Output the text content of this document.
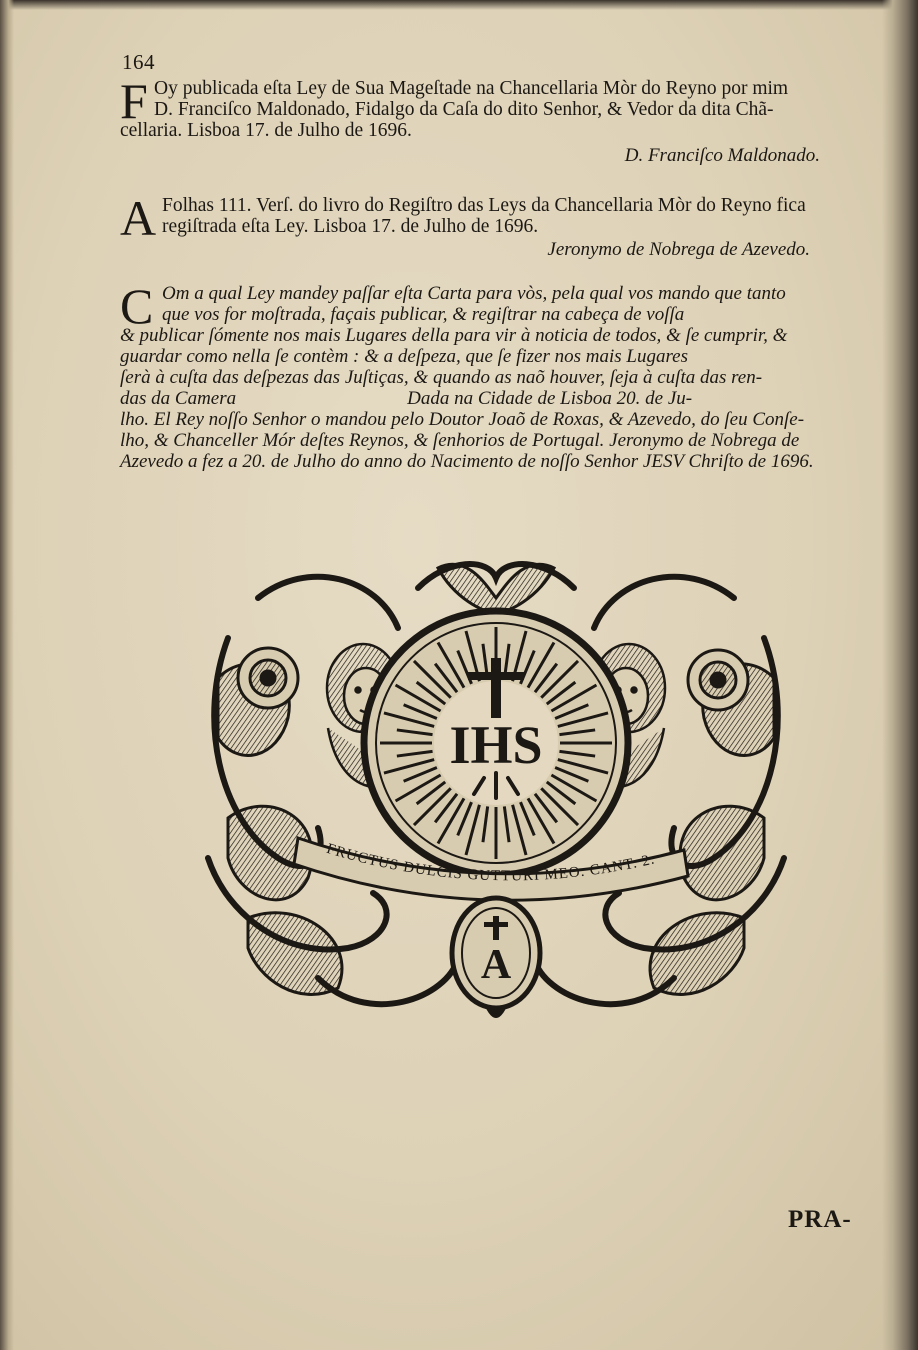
164
F Oy publicada eſta Ley de Sua Mageſtade na Chancellaria Mòr do Reyno por mim
D. Franciſco Maldonado, Fidalgo da Caſa do dito Senhor, & Vedor da dita Chã-
cellaria. Lisboa 17. de Julho de 1696.
D. Franciſco Maldonado.
A Folhas 111. Verſ. do livro do Regiſtro das Leys da Chancellaria Mòr do Reyno fica
regiſtrada eſta Ley. Lisboa 17. de Julho de 1696.
Jeronymo de Nobrega de Azevedo.
C Om a qual Ley mandey paſſar eſta Carta para vòs, pela qual vos mando que tanto
que vos for moſtrada, façais publicar, & regiſtrar na cabeça de voſſa
& publicar ſómente nos mais Lugares della para vir à noticia de todos, & ſe cumprir, &
guardar como nella ſe contèm : & a deſpeza, que ſe fizer nos mais Lugares
ſerà à cuſta das deſpezas das Juſtiças, & quando as naõ houver, ſeja à cuſta das ren-
das da Camera                                    Dada na Cidade de Lisboa 20. de Ju-
lho. El Rey noſſo Senhor o mandou pelo Doutor Joaõ de Roxas, & Azevedo, do ſeu Conſe-
lho, & Chanceller Mór deſtes Reynos, & ſenhorios de Portugal. Jeronymo de Nobrega de
Azevedo a fez a 20. de Julho do anno do Nacimento de noſſo Senhor JESV Chriſto de 1696.
IHS
FRUCTUS DULCIS GUTTURI MEO. CANT. 2.
A
PRA-
